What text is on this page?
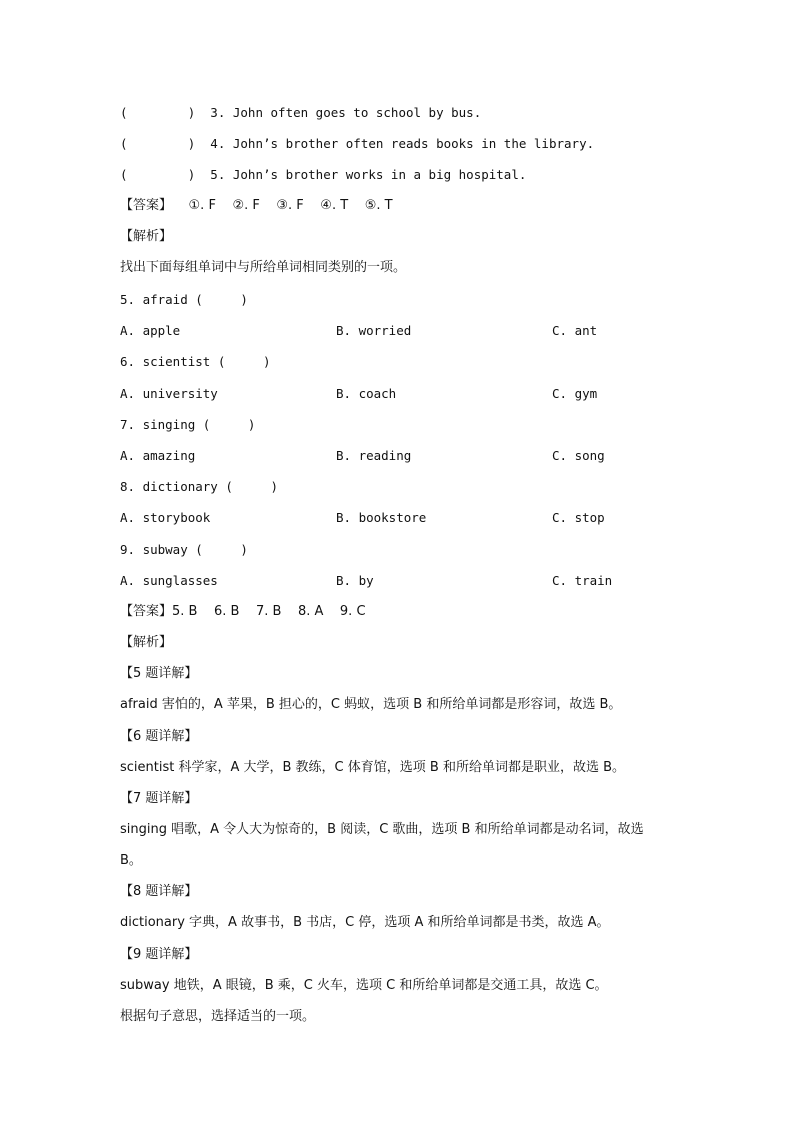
(        )  3. John often goes to school by bus.
(        )  4. John’s brother often reads books in the library.
(        )  5. John’s brother works in a big hospital.
【答案】    ①. F    ②. F    ③. F    ④. T    ⑤. T
【解析】
找出下面每组单词中与所给单词相同类别的一项。
5. afraid (     )
A. apple	B. worried	C. ant
6. scientist (     )
A. university	B. coach	C. gym
7. singing (     )
A. amazing	B. reading	C. song
8. dictionary (     )
A. storybook	B. bookstore	C. stop
9. subway (     )
A. sunglasses	B. by	C. train
【答案】5. B    6. B    7. B    8. A    9. C
【解析】
【5 题详解】
afraid 害怕的，A 苹果，B 担心的，C 蚂蚁，选项 B 和所给单词都是形容词，故选 B。
【6 题详解】
scientist 科学家，A 大学，B 教练，C 体育馆，选项 B 和所给单词都是职业，故选 B。
【7 题详解】
singing 唱歌，A 令人大为惊奇的，B 阅读，C 歌曲，选项 B 和所给单词都是动名词，故选
B。
【8 题详解】
dictionary 字典，A 故事书，B 书店，C 停，选项 A 和所给单词都是书类，故选 A。
【9 题详解】
subway 地铁，A 眼镜，B 乘，C 火车，选项 C 和所给单词都是交通工具，故选 C。
根据句子意思，选择适当的一项。
